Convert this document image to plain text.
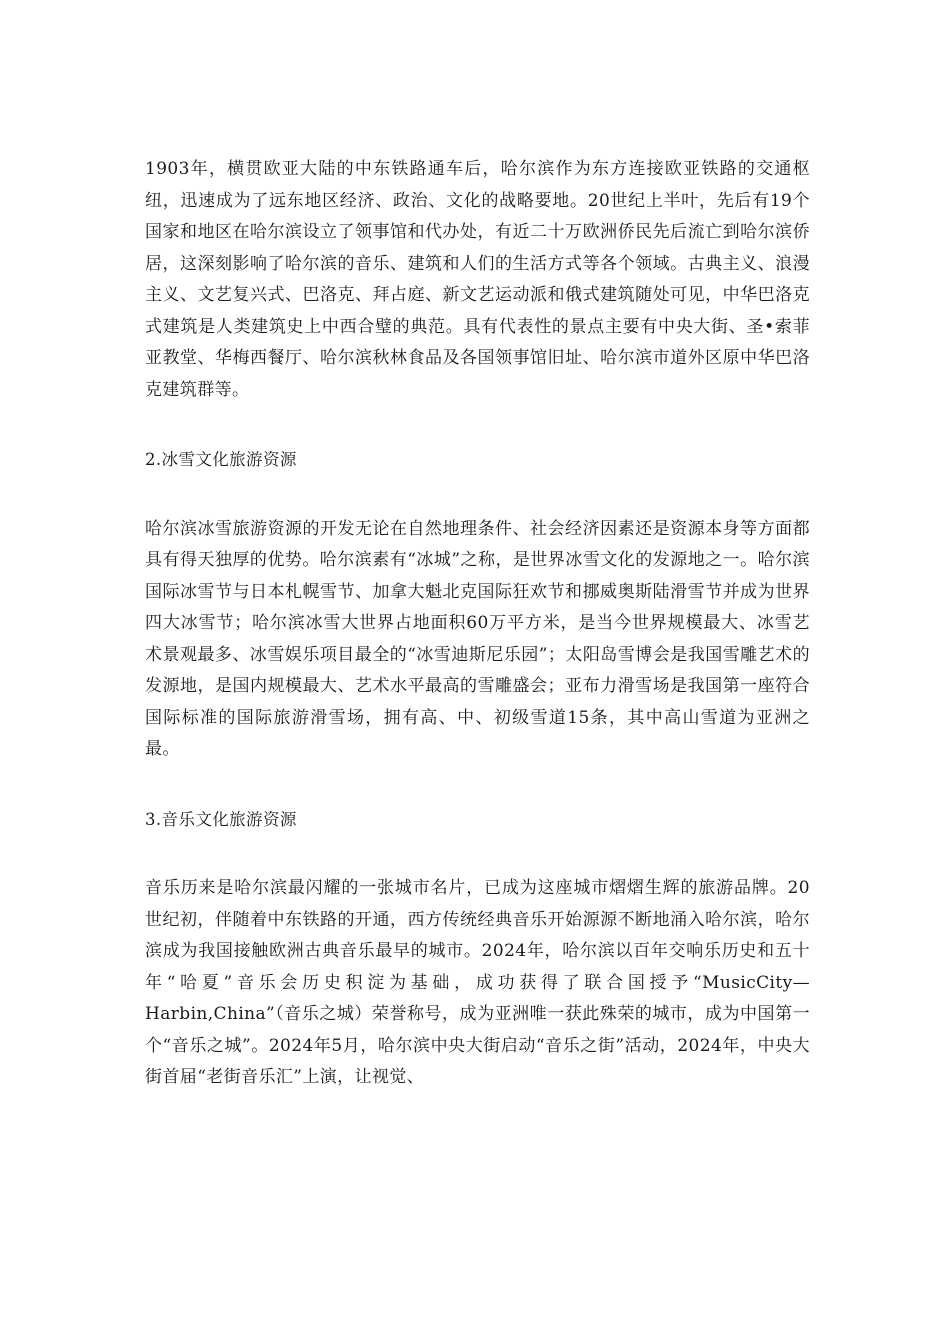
1903年，横贯欧亚大陆的中东铁路通车后，哈尔滨作为东方连接欧亚铁路的交通枢纽，迅速成为了远东地区经济、政治、文化的战略要地。20世纪上半叶，先后有19个国家和地区在哈尔滨设立了领事馆和代办处，有近二十万欧洲侨民先后流亡到哈尔滨侨居，这深刻影响了哈尔滨的音乐、建筑和人们的生活方式等各个领域。古典主义、浪漫主义、文艺复兴式、巴洛克、拜占庭、新文艺运动派和俄式建筑随处可见，中华巴洛克式建筑是人类建筑史上中西合璧的典范。具有代表性的景点主要有中央大街、圣•索菲亚教堂、华梅西餐厅、哈尔滨秋林食品及各国领事馆旧址、哈尔滨市道外区原中华巴洛克建筑群等。

2.冰雪文化旅游资源

哈尔滨冰雪旅游资源的开发无论在自然地理条件、社会经济因素还是资源本身等方面都具有得天独厚的优势。哈尔滨素有“冰城”之称，是世界冰雪文化的发源地之一。哈尔滨国际冰雪节与日本札幌雪节、加拿大魁北克国际狂欢节和挪威奥斯陆滑雪节并成为世界四大冰雪节；哈尔滨冰雪大世界占地面积60万平方米，是当今世界规模最大、冰雪艺术景观最多、冰雪娱乐项目最全的“冰雪迪斯尼乐园”；太阳岛雪博会是我国雪雕艺术的发源地，是国内规模最大、艺术水平最高的雪雕盛会；亚布力滑雪场是我国第一座符合国际标准的国际旅游滑雪场，拥有高、中、初级雪道15条，其中高山雪道为亚洲之最。

3.音乐文化旅游资源

音乐历来是哈尔滨最闪耀的一张城市名片，已成为这座城市熠熠生辉的旅游品牌。20世纪初，伴随着中东铁路的开通，西方传统经典音乐开始源源不断地涌入哈尔滨，哈尔滨成为我国接触欧洲古典音乐最早的城市。2024年，哈尔滨以百年交响乐历史和五十年“哈夏”音乐会历史积淀为基础，成功获得了联合国授予“MusicCity—Harbin,China”（音乐之城）荣誉称号，成为亚洲唯一获此殊荣的城市，成为中国第一个“音乐之城”。2024年5月，哈尔滨中央大街启动“音乐之街”活动，2024年，中央大街首届“老街音乐汇”上演，让视觉、
